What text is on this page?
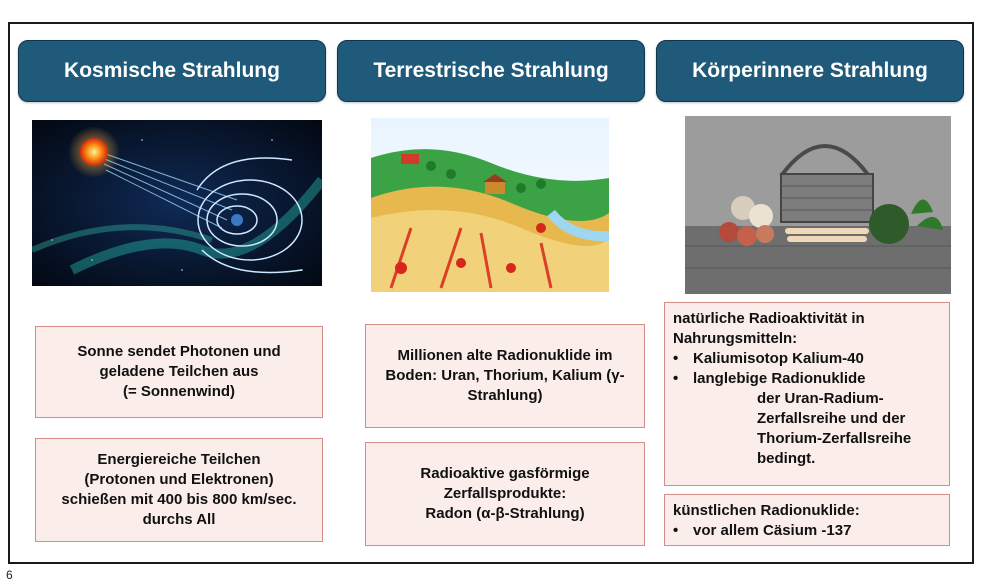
Kosmische Strahlung	Terrestrische Strahlung	Körperinnere Strahlung
Sonne sendet Photonen und
geladene Teilchen aus
(= Sonnenwind)
Energiereiche Teilchen
(Protonen und Elektronen)
schießen mit 400 bis 800 km/sec.
durchs All
Millionen alte Radionuklide im
Boden: Uran, Thorium, Kalium (γ-
Strahlung)
Radioaktive gasförmige
Zerfallsprodukte:
Radon (α-β-Strahlung)
natürliche Radioaktivität in
Nahrungsmitteln:
• Kaliumisotop Kalium-40
• langlebige Radionuklide
der Uran-Radium-
Zerfallsreihe und der
Thorium-Zerfallsreihe
bedingt.
künstlichen Radionuklide:
• vor allem Cäsium -137
6
